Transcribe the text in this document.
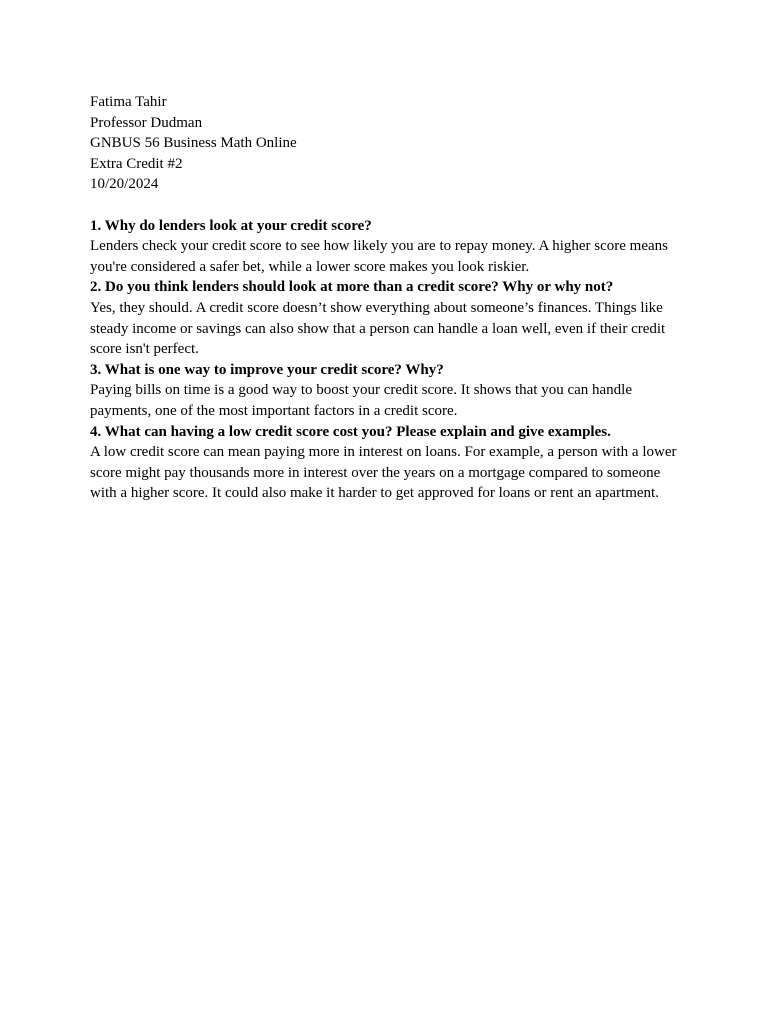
Fatima Tahir

Professor Dudman

GNBUS 56 Business Math Online

Extra Credit #2

10/20/2024

1. Why do lenders look at your credit score?

Lenders check your credit score to see how likely you are to repay money. A higher score means you're considered a safer bet, while a lower score makes you look riskier.

2. Do you think lenders should look at more than a credit score? Why or why not?

Yes, they should. A credit score doesn’t show everything about someone’s finances. Things like steady income or savings can also show that a person can handle a loan well, even if their credit score isn't perfect.

3. What is one way to improve your credit score? Why?

Paying bills on time is a good way to boost your credit score. It shows that you can handle payments, one of the most important factors in a credit score.

4. What can having a low credit score cost you? Please explain and give examples.

A low credit score can mean paying more in interest on loans. For example, a person with a lower score might pay thousands more in interest over the years on a mortgage compared to someone with a higher score. It could also make it harder to get approved for loans or rent an apartment.
